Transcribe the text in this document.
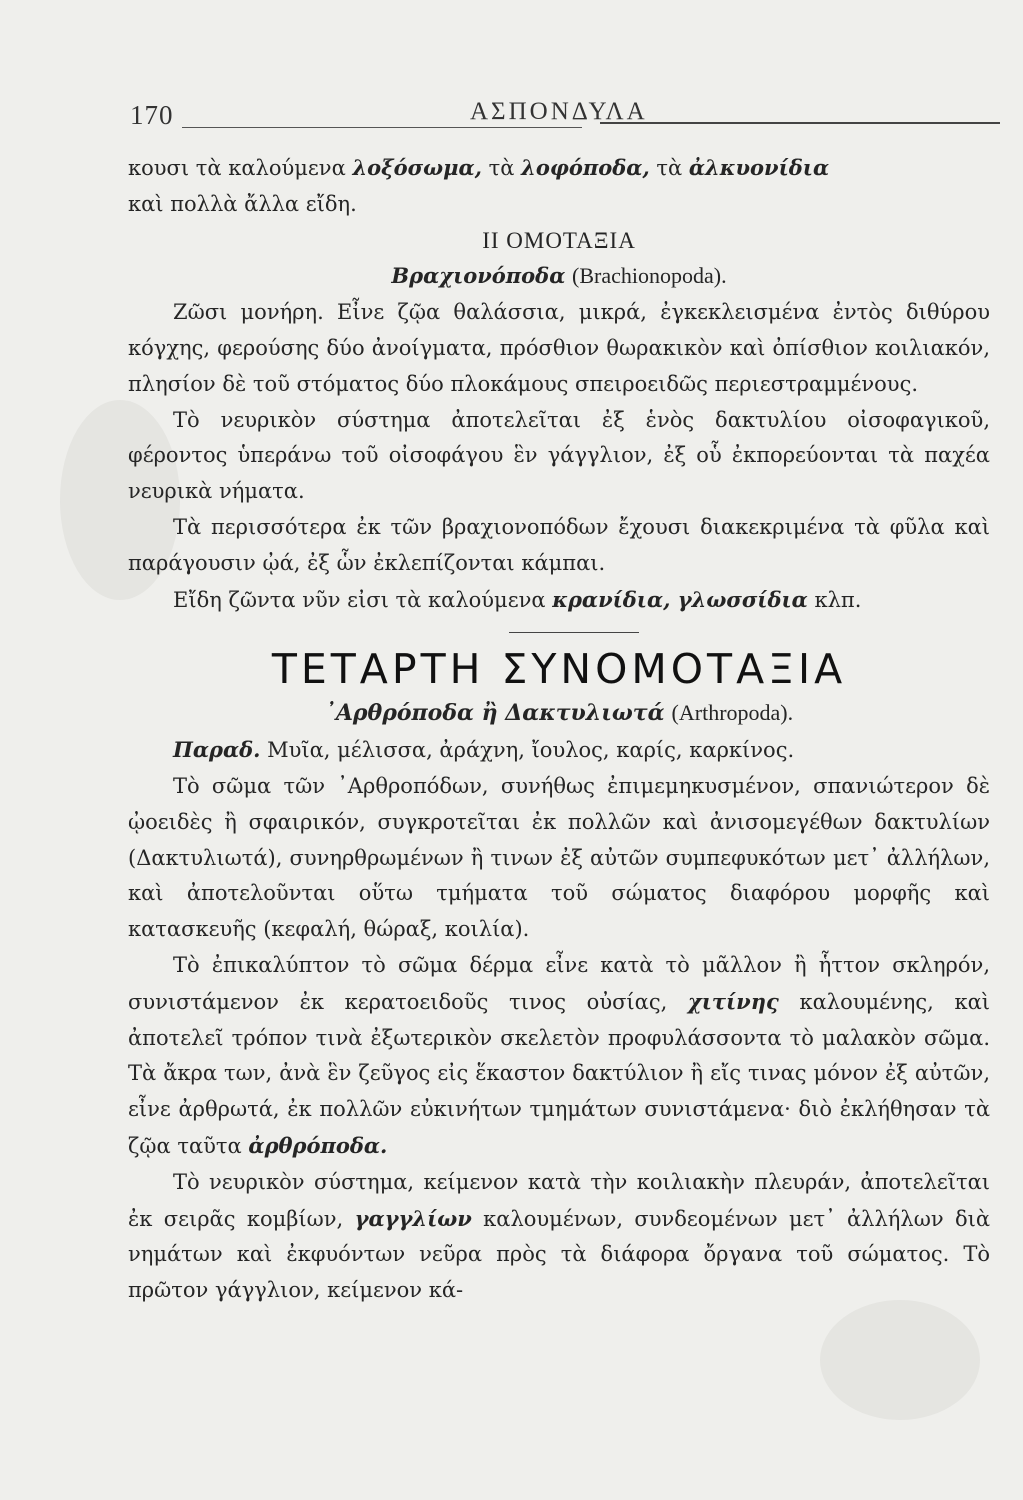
170	ΑΣΠΟΝΔΥΛΑ

κουσι τὰ καλούμενα λοξόσωμα, τὰ λοφόποδα, τὰ ἀλκυονίδια
καὶ πολλὰ ἄλλα εἴδη.

II ΟΜΟΤΑΞΙΑ

Βραχιονόποδα (Brachionopoda).

Ζῶσι μονήρη. Εἶνε ζῷα θαλάσσια, μικρά, ἐγκεκλεισμένα ἐντὸς διθύρου κόγχης, φερούσης δύο ἀνοίγματα, πρόσθιον θωρακικὸν καὶ ὀπίσθιον κοιλιακόν, πλησίον δὲ τοῦ στόματος δύο πλοκάμους σπειροειδῶς περιεστραμμένους.

Τὸ νευρικὸν σύστημα ἀποτελεῖται ἐξ ἑνὸς δακτυλίου οἰσοφαγικοῦ, φέροντος ὑπεράνω τοῦ οἰσοφάγου ἓν γάγγλιον, ἐξ οὗ ἐκπορεύονται τὰ παχέα νευρικὰ νήματα.

Τὰ περισσότερα ἐκ τῶν βραχιονοπόδων ἔχουσι διακεκριμένα τὰ φῦλα καὶ παράγουσιν ᾠά, ἐξ ὧν ἐκλεπίζονται κάμπαι.

Εἴδη ζῶντα νῦν εἰσι τὰ καλούμενα κρανίδια, γλωσσίδια κλπ.

ΤΕΤΑΡΤΗ ΣΥΝΟΜΟΤΑΞΙΑ

᾿Αρθρόποδα ἢ Δακτυλιωτά (Arthropoda).

Παραδ. Μυῖα, μέλισσα, ἀράχνη, ἴουλος, καρίς, καρκίνος.

Τὸ σῶμα τῶν ᾿Αρθροπόδων, συνήθως ἐπιμεμηκυσμένον, σπανιώτερον δὲ ᾠοειδὲς ἢ σφαιρικόν, συγκροτεῖται ἐκ πολλῶν καὶ ἀνισομεγέθων δακτυλίων (Δακτυλιωτά), συνηρθρωμένων ἢ τινων ἐξ αὐτῶν συμπεφυκότων μετ᾿ ἀλλήλων, καὶ ἀποτελοῦνται οὕτω τμήματα τοῦ σώματος διαφόρου μορφῆς καὶ κατασκευῆς (κεφαλή, θώραξ, κοιλία).

Τὸ ἐπικαλύπτον τὸ σῶμα δέρμα εἶνε κατὰ τὸ μᾶλλον ἢ ἧττον σκληρόν, συνιστάμενον ἐκ κερατοειδοῦς τινος οὐσίας, χιτίνης καλουμένης, καὶ ἀποτελεῖ τρόπον τινὰ ἐξωτερικὸν σκελετὸν προφυλάσσοντα τὸ μαλακὸν σῶμα. Τὰ ἄκρα των, ἀνὰ ἓν ζεῦγος εἰς ἕκαστον δακτύλιον ἢ εἴς τινας μόνον ἐξ αὐτῶν, εἶνε ἀρθρωτά, ἐκ πολλῶν εὐκινήτων τμημάτων συνιστάμενα· διὸ ἐκλήθησαν τὰ ζῷα ταῦτα ἀρθρόποδα.

Τὸ νευρικὸν σύστημα, κείμενον κατὰ τὴν κοιλιακὴν πλευράν, ἀποτελεῖται ἐκ σειρᾶς κομβίων, γαγγλίων καλουμένων, συνδεομένων μετ᾿ ἀλλήλων διὰ νημάτων καὶ ἐκφυόντων νεῦρα πρὸς τὰ διάφορα ὄργανα τοῦ σώματος. Τὸ πρῶτον γάγγλιον, κείμενον κά-
